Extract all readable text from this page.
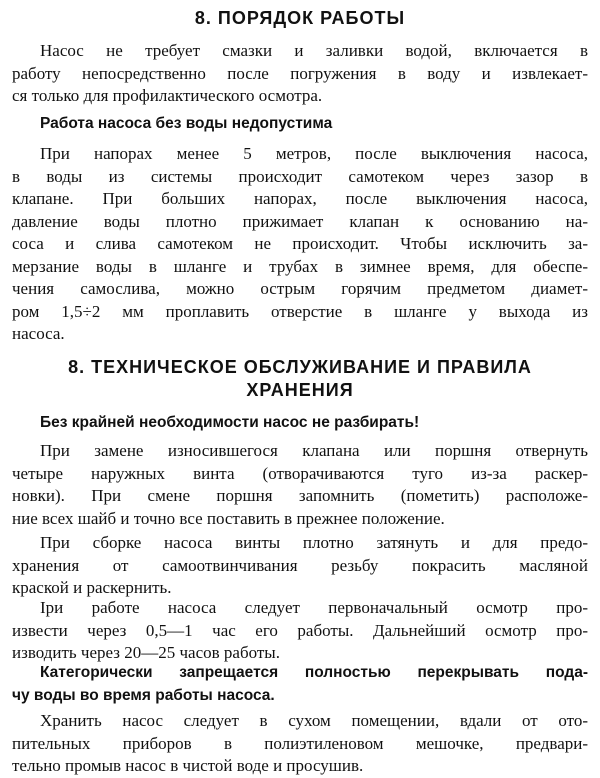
8. ПОРЯДОК РАБОТЫ
Насос не требует смазки и заливки водой, включается в
работу непосредственно после погружения в воду и извлекает-
ся только для профилактического осмотра.
Работа насоса без воды недопустима
При напорах менее 5 метров, после выключения насоса,
в воды из системы происходит самотеком через зазор в
клапане. При больших напорах, после выключения насоса,
давление воды плотно прижимает клапан к основанию на-
соса и слива самотеком не происходит. Чтобы исключить за-
мерзание воды в шланге и трубах в зимнее время, для обеспе-
чения самослива, можно острым горячим предметом диамет-
ром 1,5÷2 мм проплавить отверстие в шланге у выхода из
насоса.
8. ТЕХНИЧЕСКОЕ ОБСЛУЖИВАНИЕ И ПРАВИЛА
ХРАНЕНИЯ
Без крайней необходимости насос не разбирать!
При замене износившегося клапана или поршня отвернуть
четыре наружных винта (отворачиваются туго из-за раскер-
новки). При смене поршня запомнить (пометить) расположе-
ние всех шайб и точно все поставить в прежнее положение.
При сборке насоса винты плотно затянуть и для предо-
хранения от самоотвинчивания резьбу покрасить масляной
краской и раскернить.
Iри работе насоса следует первоначальный осмотр про-
извести через 0,5—1 час его работы. Дальнейший осмотр про-
изводить через 20—25 часов работы.
Категорически запрещается полностью перекрывать пода-
чу воды во время работы насоса.
Хранить насос следует в сухом помещении, вдали от ото-
пительных приборов в полиэтиленовом мешочке, предвари-
тельно промыв насос в чистой воде и просушив.
